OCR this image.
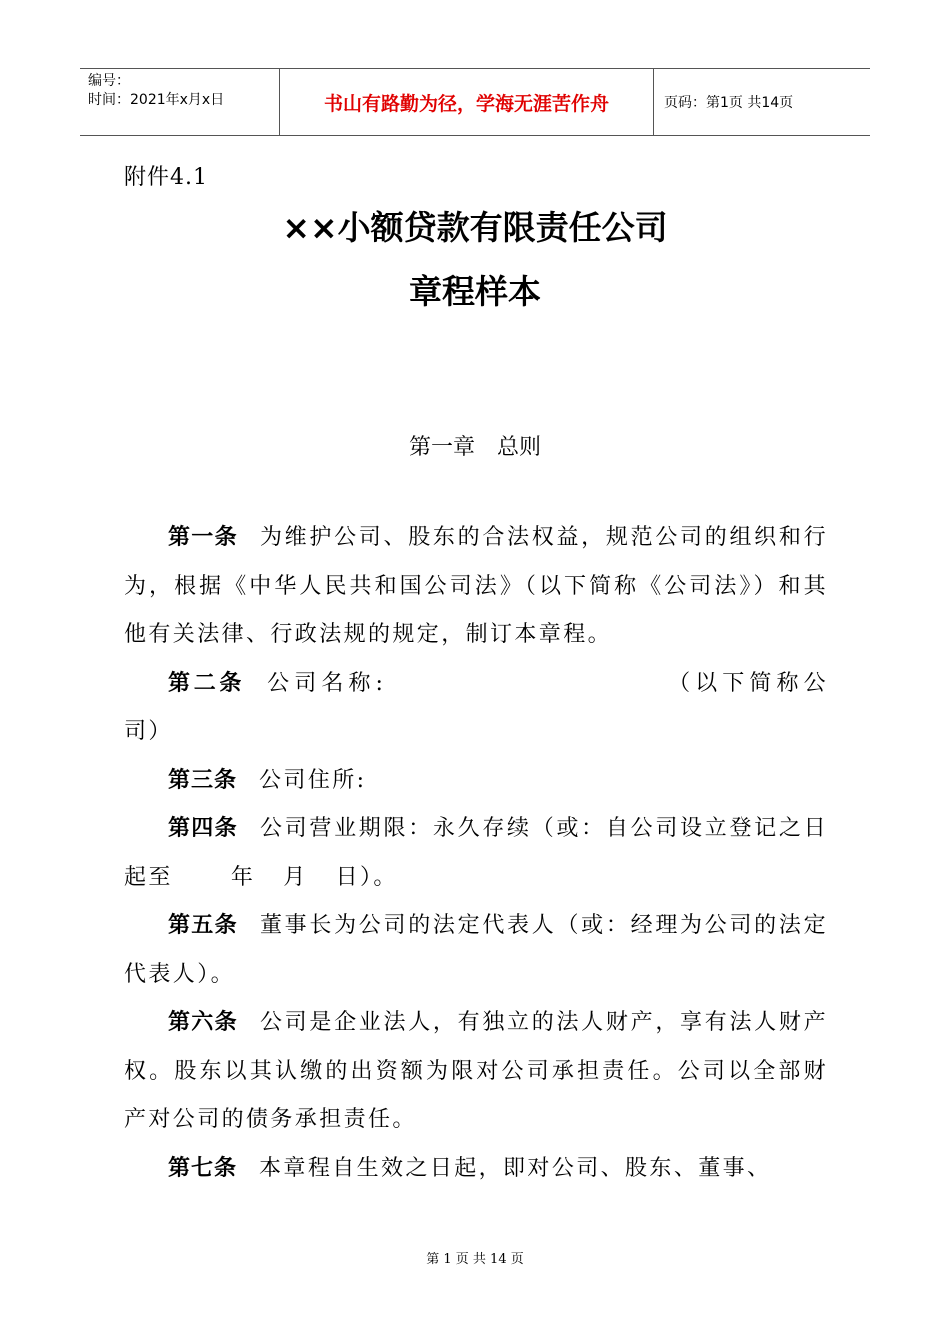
编号：
时间：2021年x月x日	书山有路勤为径，学海无涯苦作舟	页码：第1页 共14页
附件4.1
××小额贷款有限责任公司
章程样本
第一章　总则

第一条 为维护公司、股东的合法权益，规范公司的组织和行为，根据《中华人民共和国公司法》（以下简称《公司法》）和其他有关法律、行政法规的规定，制订本章程。

第二条 公司名称:	（以下简称公司）

第三条 公司住所:

第四条 公司营业期限：永久存续（或：自公司设立登记之日起至	年 月 日）。

第五条 董事长为公司的法定代表人（或：经理为公司的法定代表人）。

第六条 公司是企业法人，有独立的法人财产，享有法人财产权。股东以其认缴的出资额为限对公司承担责任。公司以全部财产对公司的债务承担责任。

第七条 本章程自生效之日起，即对公司、股东、董事、

第 1 页 共 14 页
